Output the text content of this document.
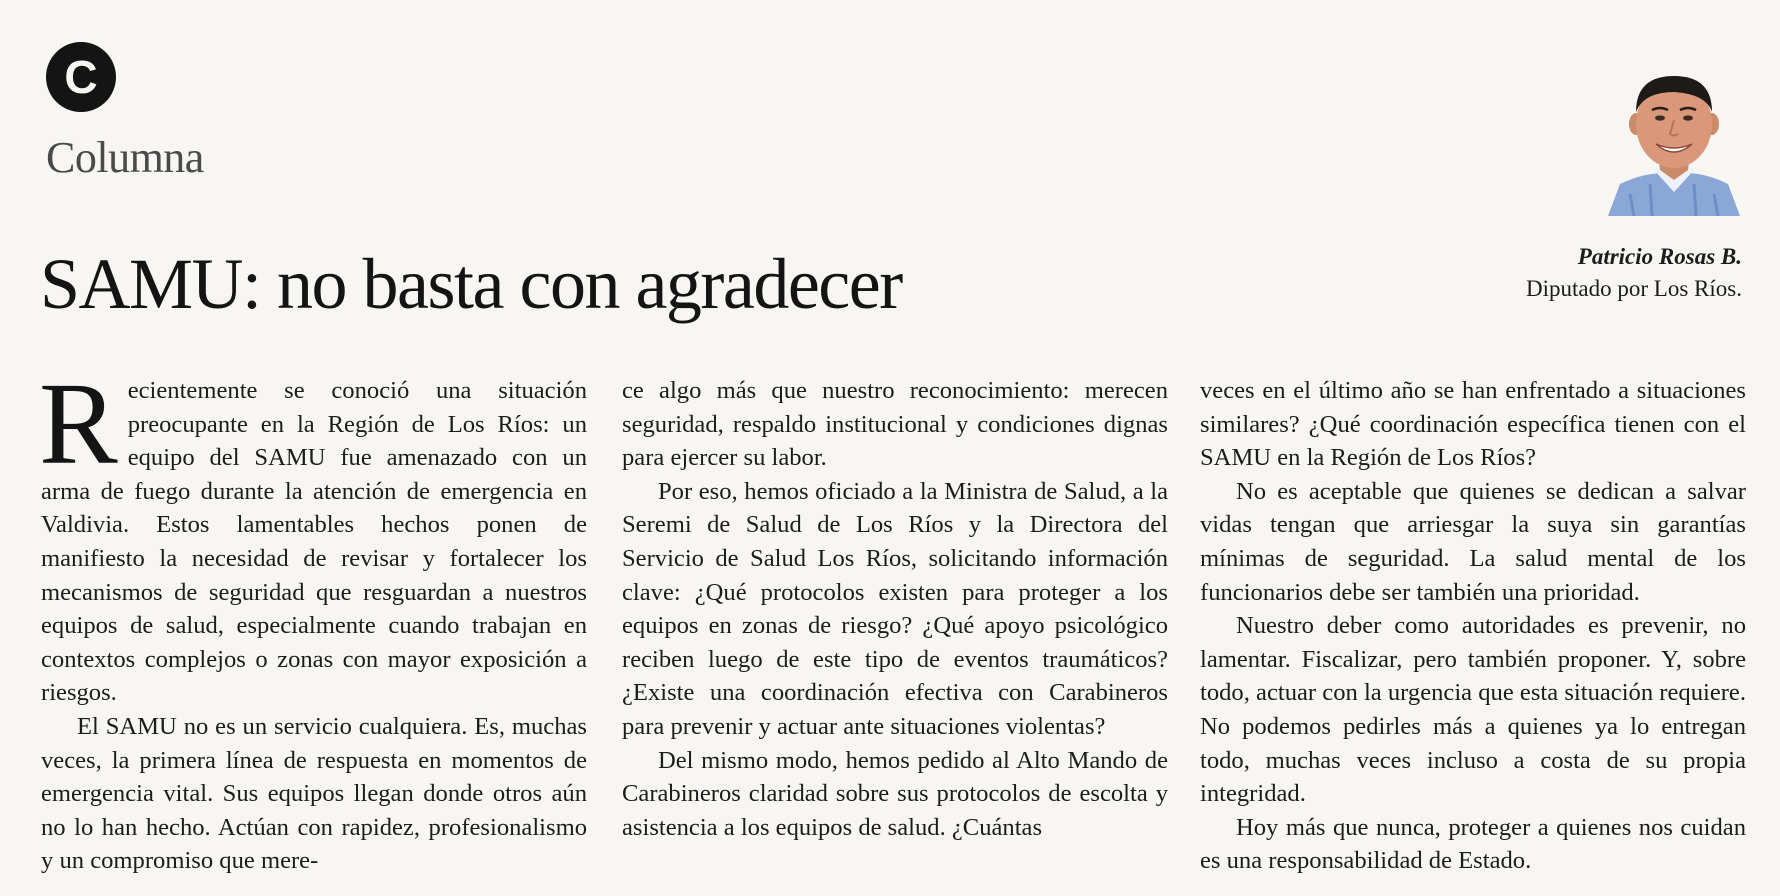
C
Columna
Patricio Rosas B.
Diputado por Los Ríos.
SAMU: no basta con agradecer

Recientemente se conoció una situación preocupante en la Región de Los Ríos: un equipo del SAMU fue amenazado con un arma de fuego durante la atención de emergencia en Valdivia. Estos lamentables hechos ponen de manifiesto la necesidad de revisar y fortalecer los mecanismos de seguridad que resguardan a nuestros equipos de salud, especialmente cuando trabajan en contextos complejos o zonas con mayor exposición a riesgos.

El SAMU no es un servicio cualquiera. Es, muchas veces, la primera línea de respuesta en momentos de emergencia vital. Sus equipos llegan donde otros aún no lo han hecho. Actúan con rapidez, profesionalismo y un compromiso que mere-

ce algo más que nuestro reconocimiento: merecen seguridad, respaldo institucional y condiciones dignas para ejercer su labor.

Por eso, hemos oficiado a la Ministra de Salud, a la Seremi de Salud de Los Ríos y la Directora del Servicio de Salud Los Ríos, solicitando información clave: ¿Qué protocolos existen para proteger a los equipos en zonas de riesgo? ¿Qué apoyo psicológico reciben luego de este tipo de eventos traumáticos? ¿Existe una coordinación efectiva con Carabineros para prevenir y actuar ante situaciones violentas?

Del mismo modo, hemos pedido al Alto Mando de Carabineros claridad sobre sus protocolos de escolta y asistencia a los equipos de salud. ¿Cuántas

veces en el último año se han enfrentado a situaciones similares? ¿Qué coordinación específica tienen con el SAMU en la Región de Los Ríos?

No es aceptable que quienes se dedican a salvar vidas tengan que arriesgar la suya sin garantías mínimas de seguridad. La salud mental de los funcionarios debe ser también una prioridad.

Nuestro deber como autoridades es prevenir, no lamentar. Fiscalizar, pero también proponer. Y, sobre todo, actuar con la urgencia que esta situación requiere. No podemos pedirles más a quienes ya lo entregan todo, muchas veces incluso a costa de su propia integridad.

Hoy más que nunca, proteger a quienes nos cuidan es una responsabilidad de Estado.
